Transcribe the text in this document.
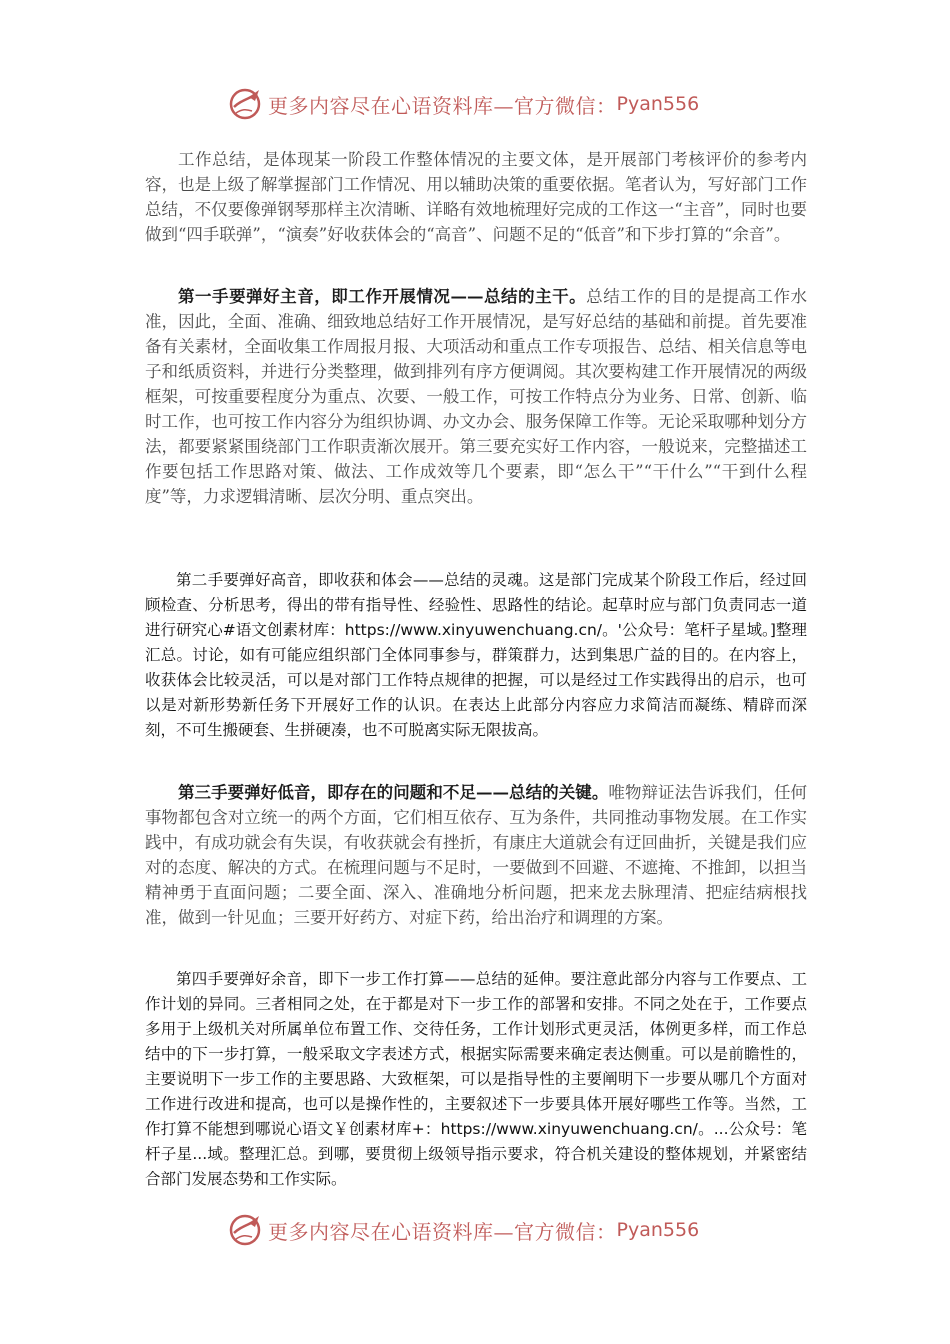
更多内容尽在心语资料库—官方微信： Pyan556

工作总结，是体现某一阶段工作整体情况的主要文体，是开展部门考核评价的参考内容，也是上级了解掌握部门工作情况、用以辅助决策的重要依据。笔者认为，写好部门工作总结，不仅要像弹钢琴那样主次清晰、详略有效地梳理好完成的工作这一“主音”，同时也要做到“四手联弹”，“演奏”好收获体会的“高音”、问题不足的“低音”和下步打算的“余音”。

第一手要弹好主音，即工作开展情况——总结的主干。总结工作的目的是提高工作水准，因此，全面、准确、细致地总结好工作开展情况，是写好总结的基础和前提。首先要准备有关素材，全面收集工作周报月报、大项活动和重点工作专项报告、总结、相关信息等电子和纸质资料，并进行分类整理，做到排列有序方便调阅。其次要构建工作开展情况的两级框架，可按重要程度分为重点、次要、一般工作，可按工作特点分为业务、日常、创新、临时工作，也可按工作内容分为组织协调、办文办会、服务保障工作等。无论采取哪种划分方法，都要紧紧围绕部门工作职责渐次展开。第三要充实好工作内容，一般说来，完整描述工作要包括工作思路对策、做法、工作成效等几个要素，即“怎么干”“干什么”“干到什么程度”等，力求逻辑清晰、层次分明、重点突出。

第二手要弹好高音，即收获和体会——总结的灵魂。这是部门完成某个阶段工作后，经过回顾检查、分析思考，得出的带有指导性、经验性、思路性的结论。起草时应与部门负责同志一道进行研究心#语文创素材库：https://www.xinyuwenchuang.cn/。'公众号：笔杆子星域。]整理汇总。讨论，如有可能应组织部门全体同事参与，群策群力，达到集思广益的目的。在内容上，收获体会比较灵活，可以是对部门工作特点规律的把握，可以是经过工作实践得出的启示，也可以是对新形势新任务下开展好工作的认识。在表达上此部分内容应力求简洁而凝练、精辟而深刻，不可生搬硬套、生拼硬凑，也不可脱离实际无限拔高。

第三手要弹好低音，即存在的问题和不足——总结的关键。唯物辩证法告诉我们，任何事物都包含对立统一的两个方面，它们相互依存、互为条件，共同推动事物发展。在工作实践中，有成功就会有失误，有收获就会有挫折，有康庄大道就会有迂回曲折，关键是我们应对的态度、解决的方式。在梳理问题与不足时，一要做到不回避、不遮掩、不推卸，以担当精神勇于直面问题；二要全面、深入、准确地分析问题，把来龙去脉理清、把症结病根找准，做到一针见血；三要开好药方、对症下药，给出治疗和调理的方案。

第四手要弹好余音，即下一步工作打算——总结的延伸。要注意此部分内容与工作要点、工作计划的异同。三者相同之处，在于都是对下一步工作的部署和安排。不同之处在于，工作要点多用于上级机关对所属单位布置工作、交待任务，工作计划形式更灵活，体例更多样，而工作总结中的下一步打算，一般采取文字表述方式，根据实际需要来确定表达侧重。可以是前瞻性的，主要说明下一步工作的主要思路、大致框架，可以是指导性的主要阐明下一步要从哪几个方面对工作进行改进和提高，也可以是操作性的，主要叙述下一步要具体开展好哪些工作等。当然，工作打算不能想到哪说心语文￥创素材库+：https://www.xinyuwenchuang.cn/。...公众号：笔杆子星...域。整理汇总。到哪，要贯彻上级领导指示要求，符合机关建设的整体规划，并紧密结合部门发展态势和工作实际。

更多内容尽在心语资料库—官方微信： Pyan556
